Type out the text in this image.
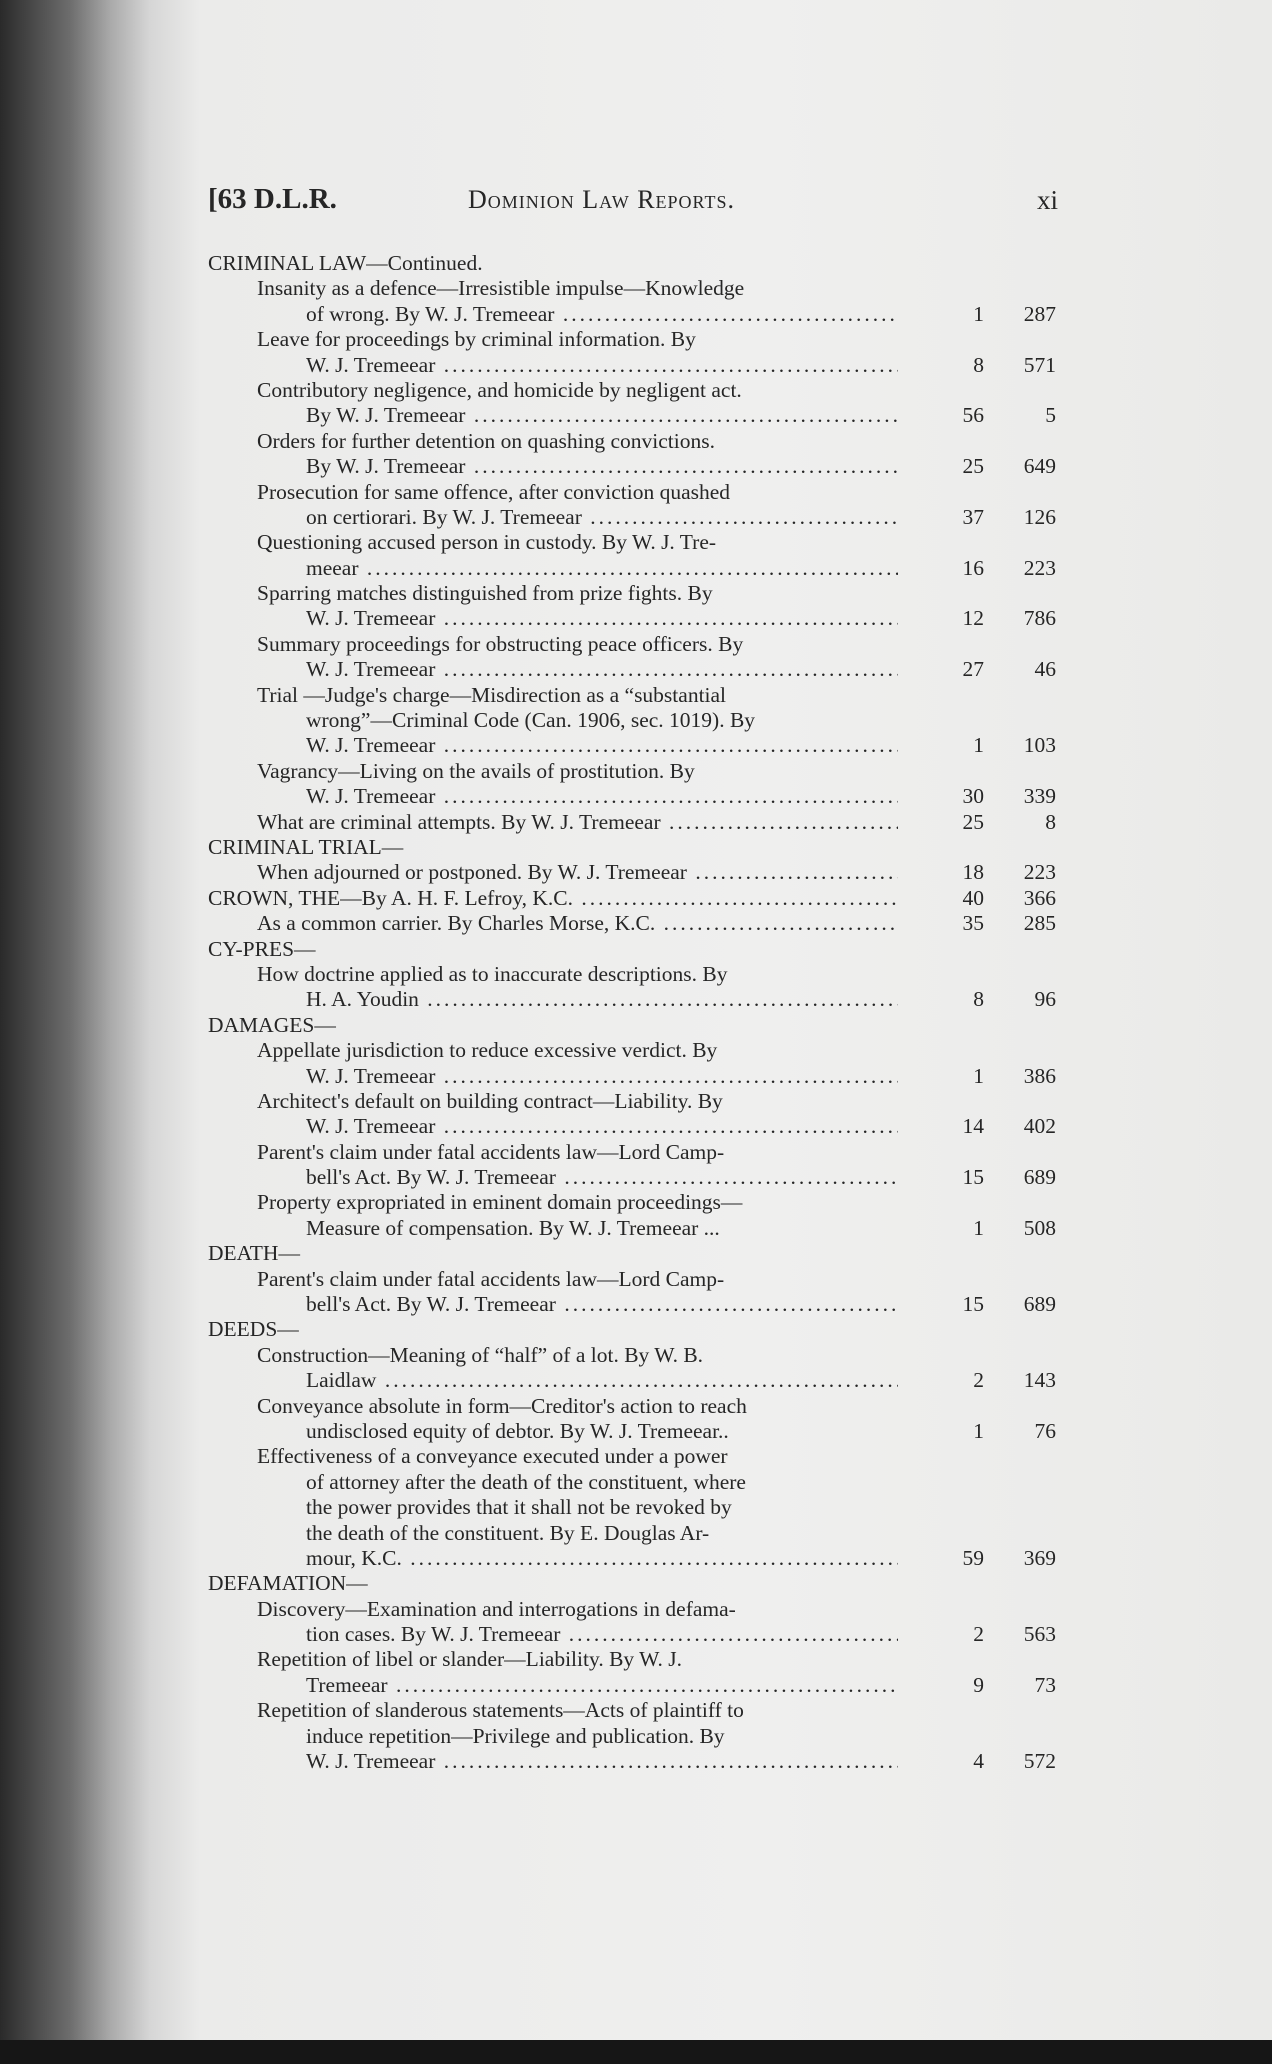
[63 D.L.R.	Dominion Law Reports.	xi
CRIMINAL LAW—Continued.
Insanity as a defence—Irresistible impulse—Knowledge
of wrong. By W. J. Tremeear .....	1	287
Leave for proceedings by criminal information. By
W. J. Tremeear .....	8	571
Contributory negligence, and homicide by negligent act.
By W. J. Tremeear .....	56	5
Orders for further detention on quashing convictions.
By W. J. Tremeear .....	25	649
Prosecution for same offence, after conviction quashed
on certiorari. By W. J. Tremeear .....	37	126
Questioning accused person in custody. By W. J. Tre-
meear .....	16	223
Sparring matches distinguished from prize fights. By
W. J. Tremeear .....	12	786
Summary proceedings for obstructing peace officers. By
W. J. Tremeear .....	27	46
Trial —Judge's charge—Misdirection as a “substantial
wrong”—Criminal Code (Can. 1906, sec. 1019). By
W. J. Tremeear .....	1	103
Vagrancy—Living on the avails of prostitution. By
W. J. Tremeear .....	30	339
What are criminal attempts. By W. J. Tremeear .....	25	8
CRIMINAL TRIAL—
When adjourned or postponed. By W. J. Tremeear .....	18	223
CROWN, THE—By A. H. F. Lefroy, K.C. .....	40	366
As a common carrier. By Charles Morse, K.C. .....	35	285
CY-PRES—
How doctrine applied as to inaccurate descriptions. By
H. A. Youdin .....	8	96
DAMAGES—
Appellate jurisdiction to reduce excessive verdict. By
W. J. Tremeear .....	1	386
Architect's default on building contract—Liability. By
W. J. Tremeear .....	14	402
Parent's claim under fatal accidents law—Lord Camp-
bell's Act. By W. J. Tremeear .....	15	689
Property expropriated in eminent domain proceedings—
Measure of compensation. By W. J. Tremeear ...	1	508
DEATH—
Parent's claim under fatal accidents law—Lord Camp-
bell's Act. By W. J. Tremeear .....	15	689
DEEDS—
Construction—Meaning of “half” of a lot. By W. B.
Laidlaw .....	2	143
Conveyance absolute in form—Creditor's action to reach
undisclosed equity of debtor. By W. J. Tremeear..	1	76
Effectiveness of a conveyance executed under a power
of attorney after the death of the constituent, where
the power provides that it shall not be revoked by
the death of the constituent. By E. Douglas Ar-
mour, K.C. .....	59	369
DEFAMATION—
Discovery—Examination and interrogations in defama-
tion cases. By W. J. Tremeear .....	2	563
Repetition of libel or slander—Liability. By W. J.
Tremeear .....	9	73
Repetition of slanderous statements—Acts of plaintiff to
induce repetition—Privilege and publication. By
W. J. Tremeear .....	4	572
